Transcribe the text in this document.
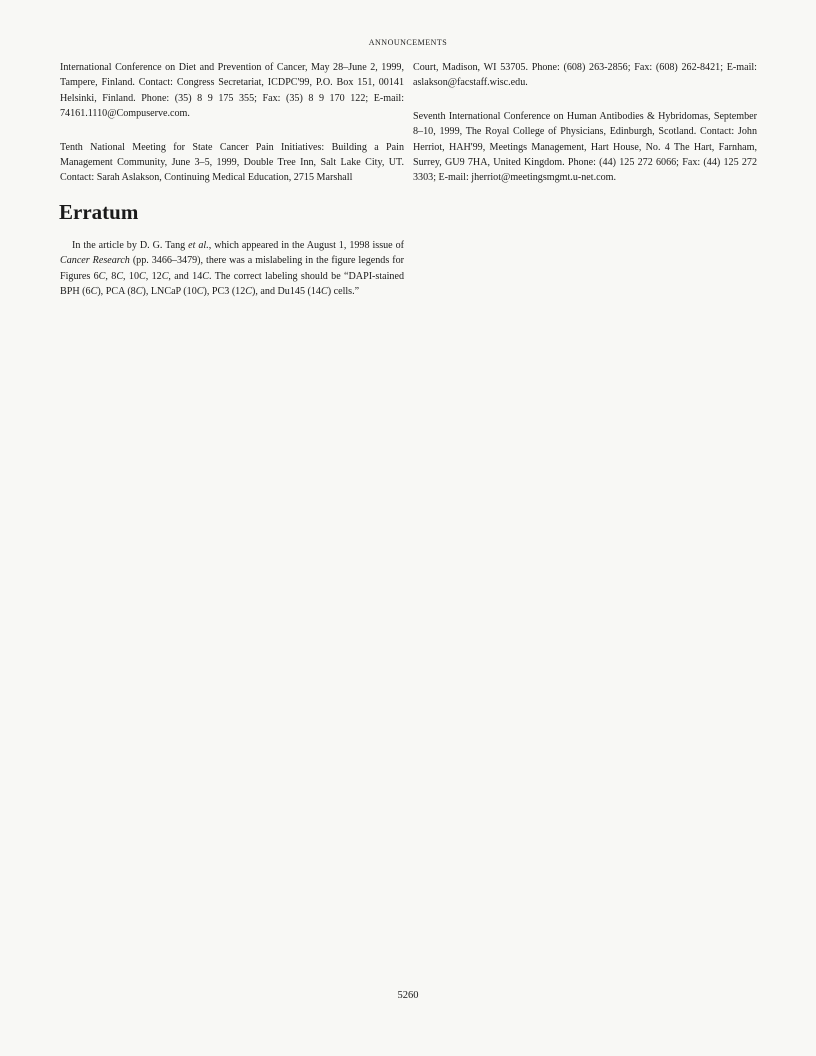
ANNOUNCEMENTS

International Conference on Diet and Prevention of Cancer, May 28–June 2, 1999, Tampere, Finland. Contact: Congress Secretariat, ICDPC'99, P.O. Box 151, 00141 Helsinki, Finland. Phone: (35) 8 9 175 355; Fax: (35) 8 9 170 122; E-mail: 74161.1110@Compuserve.com.

Tenth National Meeting for State Cancer Pain Initiatives: Building a Pain Management Community, June 3–5, 1999, Double Tree Inn, Salt Lake City, UT. Contact: Sarah Aslakson, Continuing Medical Education, 2715 Marshall

Court, Madison, WI 53705. Phone: (608) 263-2856; Fax: (608) 262-8421; E-mail: aslakson@facstaff.wisc.edu.

Seventh International Conference on Human Antibodies & Hybridomas, September 8–10, 1999, The Royal College of Physicians, Edinburgh, Scotland. Contact: John Herriot, HAH'99, Meetings Management, Hart House, No. 4 The Hart, Farnham, Surrey, GU9 7HA, United Kingdom. Phone: (44) 125 272 6066; Fax: (44) 125 272 3303; E-mail: jherriot@meetingsmgmt.u-net.com.

Erratum

In the article by D. G. Tang et al., which appeared in the August 1, 1998 issue of Cancer Research (pp. 3466–3479), there was a mislabeling in the figure legends for Figures 6C, 8C, 10C, 12C, and 14C. The correct labeling should be “DAPI-stained BPH (6C), PCA (8C), LNCaP (10C), PC3 (12C), and Du145 (14C) cells.”

5260
